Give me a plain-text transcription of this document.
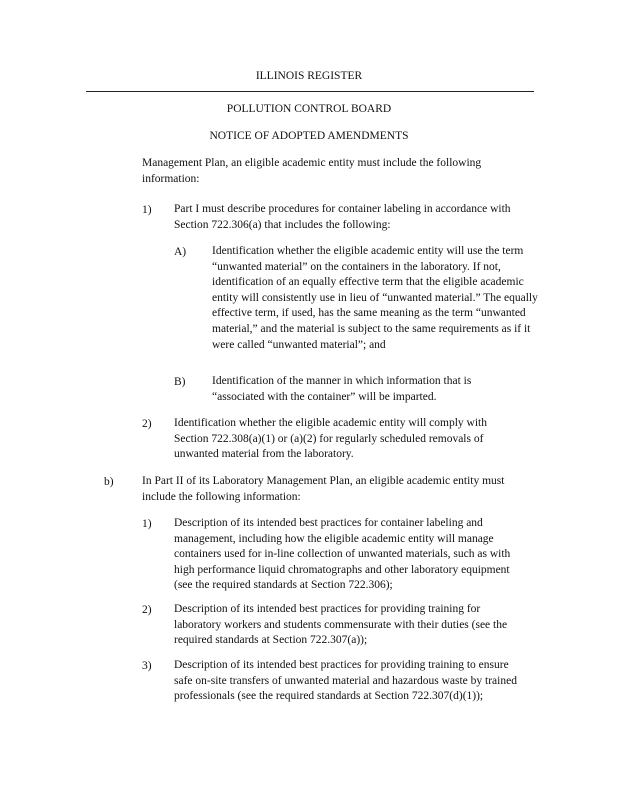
ILLINOIS REGISTER
POLLUTION CONTROL BOARD
NOTICE OF ADOPTED AMENDMENTS
Management Plan, an eligible academic entity must include the following information:
1) Part I must describe procedures for container labeling in accordance with Section 722.306(a) that includes the following:
A) Identification whether the eligible academic entity will use the term “unwanted material” on the containers in the laboratory. If not, identification of an equally effective term that the eligible academic entity will consistently use in lieu of “unwanted material.” The equally effective term, if used, has the same meaning as the term “unwanted material,” and the material is subject to the same requirements as if it were called “unwanted material”; and
B) Identification of the manner in which information that is “associated with the container” will be imparted.
2) Identification whether the eligible academic entity will comply with Section 722.308(a)(1) or (a)(2) for regularly scheduled removals of unwanted material from the laboratory.
b) In Part II of its Laboratory Management Plan, an eligible academic entity must include the following information:
1) Description of its intended best practices for container labeling and management, including how the eligible academic entity will manage containers used for in-line collection of unwanted materials, such as with high performance liquid chromatographs and other laboratory equipment (see the required standards at Section 722.306);
2) Description of its intended best practices for providing training for laboratory workers and students commensurate with their duties (see the required standards at Section 722.307(a));
3) Description of its intended best practices for providing training to ensure safe on-site transfers of unwanted material and hazardous waste by trained professionals (see the required standards at Section 722.307(d)(1));
